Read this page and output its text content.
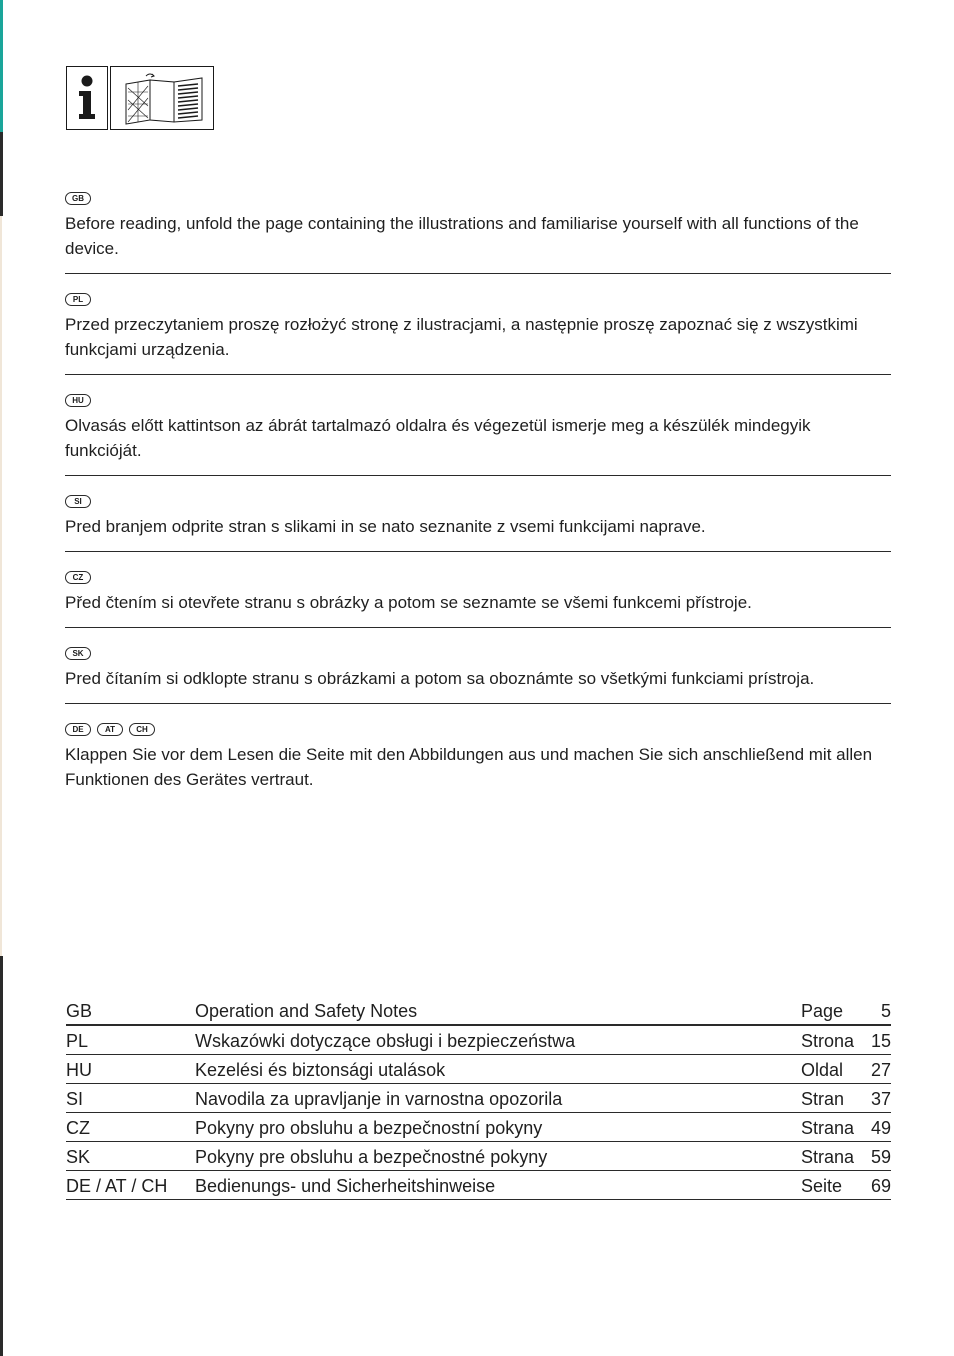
GB
Before reading, unfold the page containing the illustrations and familiarise yourself with all functions of the device.
PL
Przed przeczytaniem proszę rozłożyć stronę z ilustracjami, a następnie proszę zapoznać się z wszystkimi funkcjami urządzenia.
HU
Olvasás előtt kattintson az ábrát tartalmazó oldalra és végezetül ismerje meg a készülék mindegyik funkcióját.
SI
Pred branjem odprite stran s slikami in se nato seznanite z vsemi funkcijami naprave.
CZ
Před čtením si otevřete stranu s obrázky a potom se seznamte se všemi funkcemi přístroje.
SK
Pred čítaním si odklopte stranu s obrázkami a potom sa oboznámte so všetkými funkciami prístroja.
DE	AT	CH
Klappen Sie vor dem Lesen die Seite mit den Abbildungen aus und machen Sie sich anschließend mit allen Funktionen des Gerätes vertraut.
GB	Operation and Safety Notes	Page	5
PL	Wskazówki dotyczące obsługi i bezpieczeństwa	Strona	15
HU	Kezelési és biztonsági utalások	Oldal	27
SI	Navodila za upravljanje in varnostna opozorila	Stran	37
CZ	Pokyny pro obsluhu a bezpečnostní pokyny	Strana	49
SK	Pokyny pre obsluhu a bezpečnostné pokyny	Strana	59
DE / AT / CH	Bedienungs- und Sicherheitshinweise	Seite	69
